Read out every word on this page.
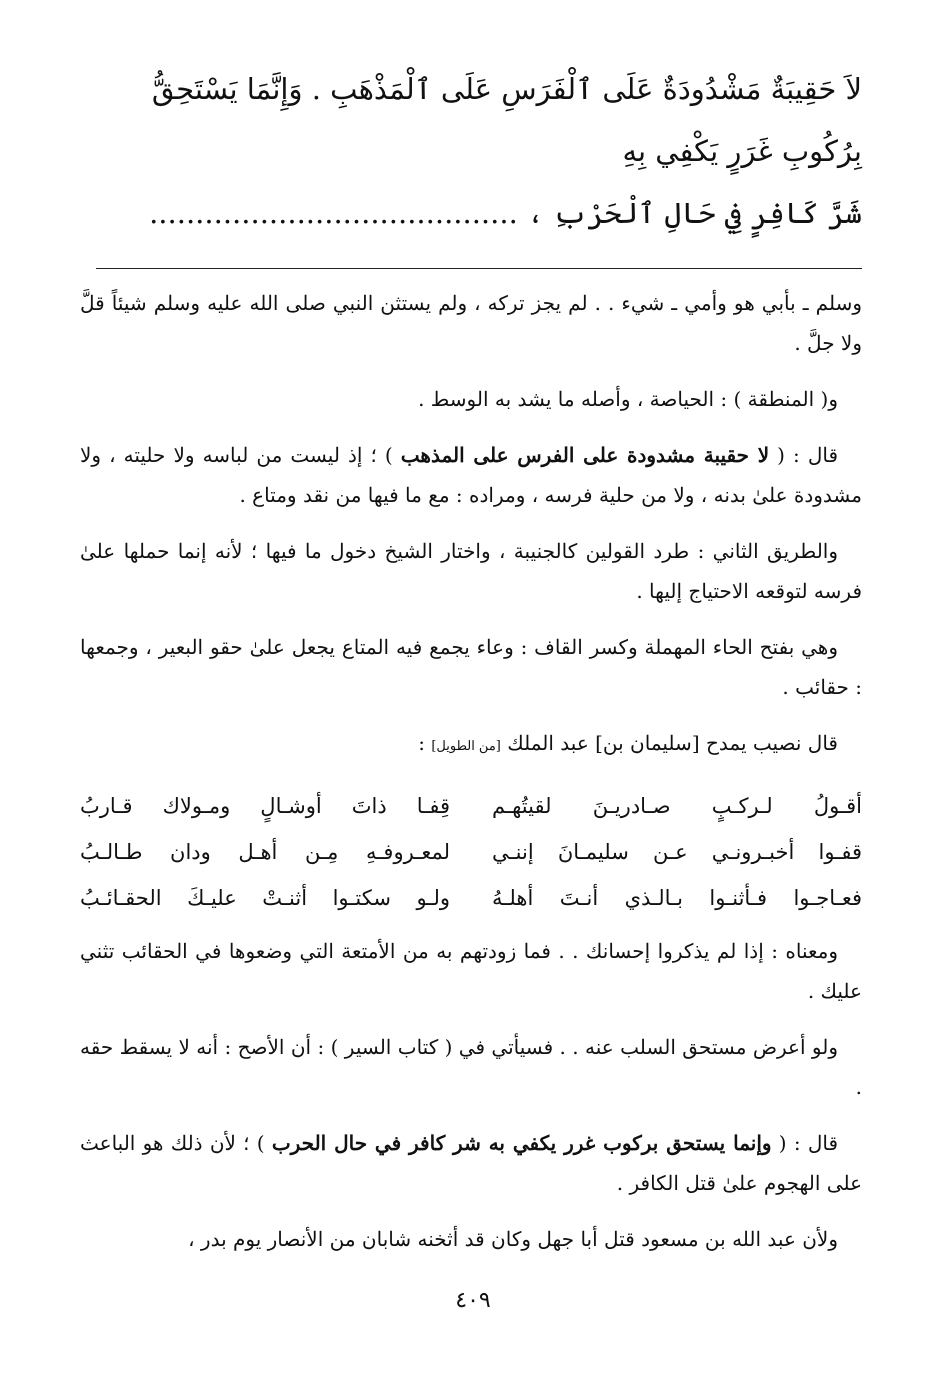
لاَ حَقِيبَةٌ مَشْدُودَةٌ عَلَى ٱلْفَرَسِ عَلَى ٱلْمَذْهَبِ . وَإِنَّمَا يَسْتَحِقُّ بِرُكُوبِ غَرَرٍ يَكْفِي بِهِ
شَرَّ كَافِرٍ فِي حَالِ ٱلْحَرْبِ ، ........................................

وسلم ـ بأبي هو وأمي ـ شيء . . لم يجز تركه ، ولم يستثن النبي صلى الله عليه وسلم شيئاً قلَّ ولا جلَّ .

و( المنطقة ) : الحياصة ، وأصله ما يشد به الوسط .

قال : ( لا حقيبة مشدودة على الفرس على المذهب ) ؛ إذ ليست من لباسه ولا حليته ، ولا مشدودة علىٰ بدنه ، ولا من حلية فرسه ، ومراده : مع ما فيها من نقد ومتاع .

والطريق الثاني : طرد القولين كالجنيبة ، واختار الشيخ دخول ما فيها ؛ لأنه إنما حملها علىٰ فرسه لتوقعه الاحتياج إليها .

وهي بفتح الحاء المهملة وكسر القاف : وعاء يجمع فيه المتاع يجعل علىٰ حقو البعير ، وجمعها : حقائب .

قال نصيب يمدح [سليمان بن] عبد الملك [من الطويل] :

أقـولُ لـركـبٍ صـادريـنَ لقيتُهـم
قِفـا ذاتَ أوشـالٍ ومـولاك قـاربُ
قفـوا أخبـرونـي عـن سليمـانَ إننـي
لمعـروفـهِ مِـن أهـل ودان طـالـبُ
فعـاجـوا فـأثنـوا بـالـذي أنـتَ أهلـهُ
ولـو سكتـوا أثنـتْ عليـكَ الحقـائـبُ

ومعناه : إذا لم يذكروا إحسانك . . فما زودتهم به من الأمتعة التي وضعوها في الحقائب تثني عليك .

ولو أعرض مستحق السلب عنه . . فسيأتي في ( كتاب السير ) : أن الأصح : أنه لا يسقط حقه .

قال : ( وإنما يستحق بركوب غرر يكفي به شر كافر في حال الحرب ) ؛ لأن ذلك هو الباعث على الهجوم علىٰ قتل الكافر .

ولأن عبد الله بن مسعود قتل أبا جهل وكان قد أثخنه شابان من الأنصار يوم بدر ،

٤٠٩
